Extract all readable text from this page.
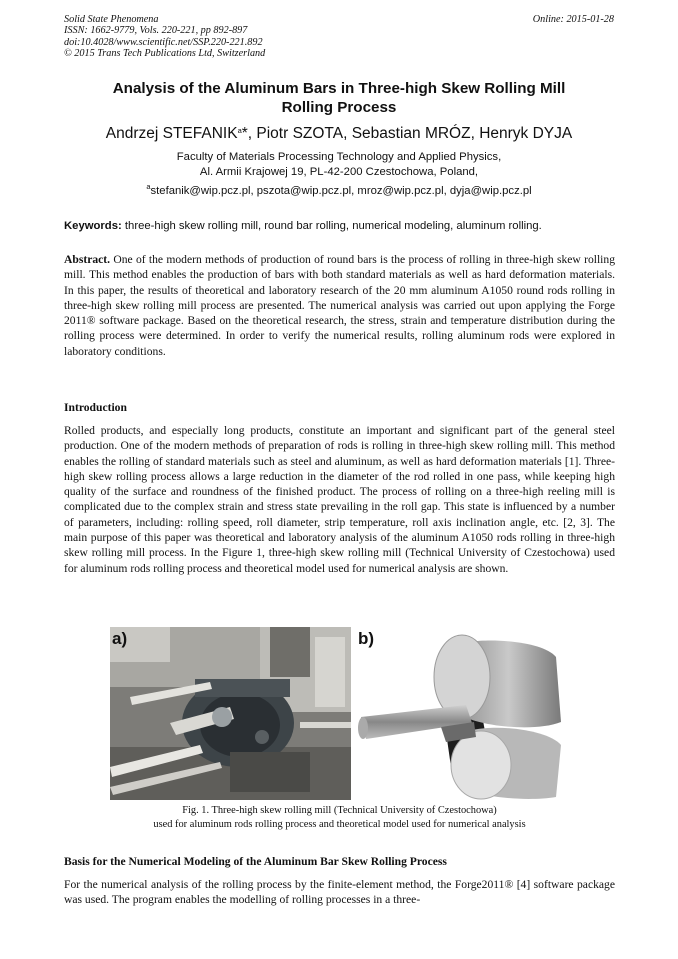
Solid State Phenomena
ISSN: 1662-9779, Vols. 220-221, pp 892-897
doi:10.4028/www.scientific.net/SSP.220-221.892
© 2015 Trans Tech Publications Ltd, Switzerland
Online: 2015-01-28
Analysis of the Aluminum Bars in Three-high Skew Rolling Mill
Rolling Process
Andrzej STEFANIK$^a$*, Piotr SZOTA, Sebastian MRÓZ, Henryk DYJA
Faculty of Materials Processing Technology and Applied Physics,
Al. Armii Krajowej 19, PL-42-200 Czestochowa, Poland,
$^a$stefanik@wip.pcz.pl, pszota@wip.pcz.pl, mroz@wip.pcz.pl, dyja@wip.pcz.pl
Keywords: three-high skew rolling mill, round bar rolling, numerical modeling, aluminum rolling.
Abstract. One of the modern methods of production of round bars is the process of rolling in three-high skew rolling mill. This method enables the production of bars with both standard materials as well as hard deformation materials. In this paper, the results of theoretical and laboratory research of the 20 mm aluminum A1050 round rods rolling in three-high skew rolling mill process are presented. The numerical analysis was carried out upon applying the Forge 2011® software package. Based on the theoretical research, the stress, strain and temperature distribution during the rolling process were determined. In order to verify the numerical results, rolling aluminum rods were explored in laboratory conditions.
Introduction
Rolled products, and especially long products, constitute an important and significant part of the general steel production. One of the modern methods of preparation of rods is rolling in three-high skew rolling mill. This method enables the rolling of standard materials such as steel and aluminum, as well as hard deformation materials [1]. Three-high skew rolling process allows a large reduction in the diameter of the rod rolled in one pass, while keeping high quality of the surface and roundness of the finished product. The process of rolling on a three-high reeling mill is complicated due to the complex strain and stress state prevailing in the roll gap. This state is influenced by a number of parameters, including: rolling speed, roll diameter, strip temperature, roll axis inclination angle, etc. [2, 3]. The main purpose of this paper was theoretical and laboratory analysis of the aluminum A1050 rods rolling in three-high skew rolling mill process. In the Figure 1, three-high skew rolling mill (Technical University of Czestochowa) used for aluminum rods rolling process and theoretical model used for numerical analysis are shown.
a)	b)
Fig. 1. Three-high skew rolling mill (Technical University of Czestochowa)
used for aluminum rods rolling process and theoretical model used for numerical analysis
Basis for the Numerical Modeling of the Aluminum Bar Skew Rolling Process
For the numerical analysis of the rolling process by the finite-element method, the Forge2011® [4] software package was used. The program enables the modelling of rolling processes in a three-
